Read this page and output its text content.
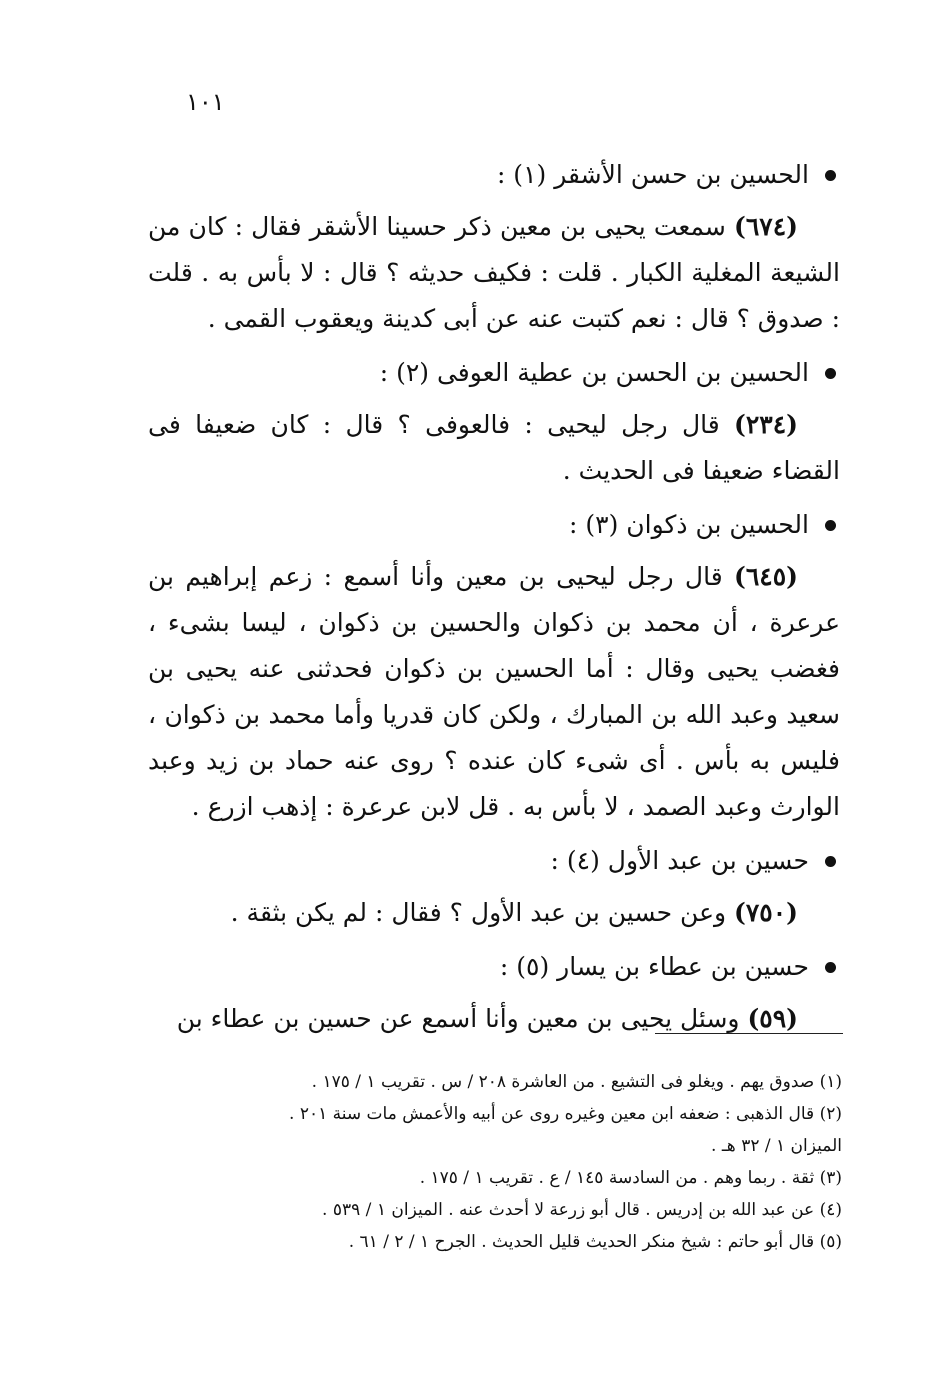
١٠١
الحسين بن حسن الأشقر (١) :
(٦٧٤) سمعت يحيى بن معين ذكر حسينا الأشقر فقال : كان من الشيعة المغلية الكبار . قلت : فكيف حديثه ؟ قال : لا بأس به . قلت : صدوق ؟ قال : نعم كتبت عنه عن أبى كدينة ويعقوب القمى .
الحسين بن الحسن بن عطية العوفى (٢) :
(٢٣٤) قال رجل ليحيى : فالعوفى ؟ قال : كان ضعيفا فى القضاء ضعيفا فى الحديث .
الحسين بن ذكوان (٣) :
(٦٤٥) قال رجل ليحيى بن معين وأنا أسمع : زعم إبراهيم بن عرعرة ، أن محمد بن ذكوان والحسين بن ذكوان ، ليسا بشىء ، فغضب يحيى وقال : أما الحسين بن ذكوان فحدثنى عنه يحيى بن سعيد وعبد الله بن المبارك ، ولكن كان قدريا وأما محمد بن ذكوان ، فليس به بأس . أى شىء كان عنده ؟ روى عنه حماد بن زيد وعبد الوارث وعبد الصمد ، لا بأس به . قل لابن عرعرة : إذهب ازرع .
حسين بن عبد الأول (٤) :
(٧٥٠) وعن حسين بن عبد الأول ؟ فقال : لم يكن بثقة .
حسين بن عطاء بن يسار (٥) :
(٥٩) وسئل يحيى بن معين وأنا أسمع عن حسين بن عطاء بن
(١) صدوق يهم . ويغلو فى التشيع . من العاشرة ٢٠٨ / س . تقريب ١ / ١٧٥ .
(٢) قال الذهبى : ضعفه ابن معين وغيره روى عن أبيه والأعمش مات سنة ٢٠١ .
الميزان ١ / ٣٢ هـ .
(٣) ثقة . ربما وهم . من السادسة ١٤٥ / ع . تقريب ١ / ١٧٥ .
(٤) عن عبد الله بن إدريس . قال أبو زرعة لا أحدث عنه . الميزان ١ / ٥٣٩ .
(٥) قال أبو حاتم : شيخ منكر الحديث قليل الحديث . الجرح ١ / ٢ / ٦١ .
